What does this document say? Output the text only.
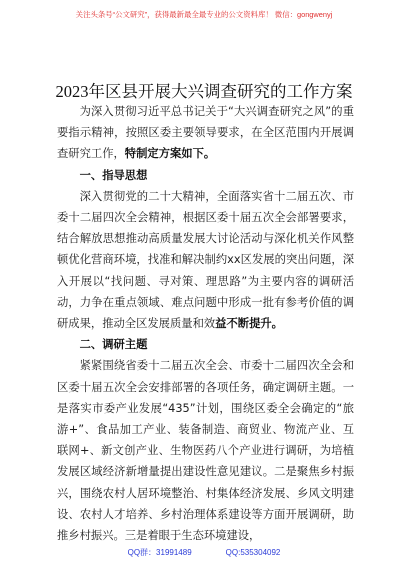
关注头条号“公文研究”，获得最新最全最专业的公文资料库！ 微信：gongwenyj
2023年区县开展大兴调查研究的工作方案

为深入贯彻习近平总书记关于“大兴调查研究之风”的重要指示精神，按照区委主要领导要求，在全区范围内开展调查研究工作，特制定方案如下。

一、指导思想

深入贯彻党的二十大精神，全面落实省十二届五次、市委十二届四次全会精神，根据区委十届五次全会部署要求，结合解放思想推动高质量发展大讨论活动与深化机关作风整顿优化营商环境，找准和解决制约xx区发展的突出问题，深入开展以“找问题、寻对策、理思路”为主要内容的调研活动，力争在重点领域、难点问题中形成一批有参考价值的调研成果，推动全区发展质量和效益不断提升。

二、调研主题

紧紧围绕省委十二届五次全会、市委十二届四次全会和区委十届五次全会安排部署的各项任务，确定调研主题。一是落实市委产业发展“435”计划，围绕区委全会确定的“旅游+”、食品加工产业、装备制造、商贸业、物流产业、互联网+、新文创产业、生物医药八个产业进行调研，为培植发展区域经济新增量提出建设性意见建议。二是聚焦乡村振兴，围绕农村人居环境整治、村集体经济发展、乡风文明建设、农村人才培养、乡村治理体系建设等方面开展调研，助推乡村振兴。三是着眼于生态环境建设，

QQ群：31991489	QQ:535304092
